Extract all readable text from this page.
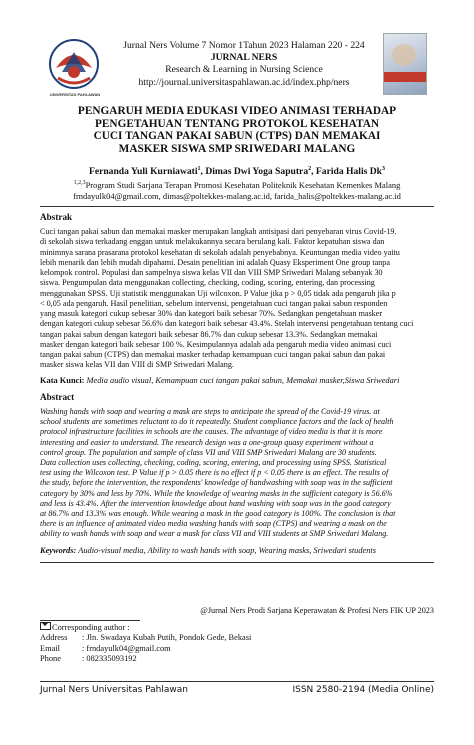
UNIVERSITAS PAHLAWAN
Jurnal Ners Volume 7 Nomor 1Tahun 2023 Halaman 220 - 224
JURNAL NERS
Research & Learning in Nursing Science
http://journal.universitaspahlawan.ac.id/index.php/ners
PENGARUH MEDIA EDUKASI VIDEO ANIMASI TERHADAP
PENGETAHUAN TENTANG PROTOKOL KESEHATAN
CUCI TANGAN PAKAI SABUN (CTPS) DAN MEMAKAI
MASKER SISWA SMP SRIWEDARI MALANG
Fernanda Yuli Kurniawati$^1$, Dimas Dwi Yoga Saputra$^2$, Farida Halis Dk$^3$
$^{1,2,3}$Program Studi Sarjana Terapan Promosi Kesehatan Politeknik Kesehatan Kemenkes Malang
frndayulk04@gmail.com, dimas@poltekkes-malang.ac.id, farida_halis@poltekkes-malang.ac.id
Abstrak
Cuci tangan pakai sabun dan memakai masker merupakan langkah antisipasi dari penyebaran virus Covid-19.
di sekolah siswa terkadang enggan untuk melakukannya secara berulang kali. Faktor kepatuhan siswa dan
minimnya sarana prasarana protokol kesehatan di sekolah adalah penyebabnya. Keuntungan media video yaitu
lebih menarik dan lebih mudah dipahami. Desain penelitian ini adalah Quasy Eksperiment One group tanpa
kelompok control. Populasi dan sampelnya siswa kelas VII dan VIII SMP Sriwedari Malang sebanyak 30
siswa. Pengumpulan data menggunakan collecting, checking, coding, scoring, entering, dan processing
menggunakan SPSS. Uji statistik menggunakan Uji wilcoxon. P Value jika p > 0,05 tidak ada pengaruh jika p
< 0,05 ada pengaruh. Hasil penelitian, sebelum intervensi, pengetahuan cuci tangan pakai sabun responden
yang masuk kategori cukup sebesar 30% dan kategori baik sebesar 70%. Sedangkan pengetahuan masker
dengan kategori cukup sebesar 56.6% dan kategori baik sebesar 43.4%. Stelah intervensi pengetahuan tentang cuci
tangan pakai sabun dengan kategori baik sebesar 86.7% dan cukup sebesar 13.3%. Sedangkan memakai
masker dengan kategori baik sebesar 100 %. Kesimpulannya adalah ada pengaruh media video animasi cuci
tangan pakai sabun (CTPS) dan memakai masker terhadap kemampuan cuci tangan pakai sabun dan pakai
masker siswa kelas VII dan VIII di SMP Sriwedari Malang.
Kata Kunci: Media audio visual, Kemampuan cuci tangan pakai sabun, Memakai masker,Siswa Sriwedari
Abstract
Washing hands with soap and wearing a mask are steps to anticipate the spread of the Covid-19 virus. at
school students are sometimes reluctant to do it repeatedly. Student compliance factors and the lack of health
protocol infrastructure facilities in schools are the causes. The advantage of video media is that it is more
interesting and easier to understand. The research design was a one-group quasy experiment without a
control group. The population and sample of class VII and VIII SMP Sriwedari Malang are 30 students.
Data collection uses collecting, checking, coding, scoring, entering, and processing using SPSS. Statistical
test using the Wilcoxon test. P Value if p > 0.05 there is no effect if p < 0.05 there is an effect. The results of
the study, before the intervention, the respondents' knowledge of handwashing with soap was in the sufficient
category by 30% and less by 70%. While the knowledge of wearing masks in the sufficient category is 56.6%
and less is 43.4%. After the intervention knowledge about hand washing with soap was in the good category
at 86.7% and 13.3% was enough. While wearing a mask in the good category is 100%. The conclusion is that
there is an influence of animated video media washing hands with soap (CTPS) and wearing a mask on the
ability to wash hands with soap and wear a mask for class VII and VIII students at SMP Sriwedari Malang.
Keywords: Audio-visual media, Ability to wash hands with soap, Wearing masks, Sriwedari students
@Jurnal Ners Prodi Sarjana Keperawatan & Profesi Ners FIK UP 2023
Corresponding author :
Address : Jln. Swadaya Kubah Putih, Pondok Gede, Bekasi
Email	: frndayulk04@gmail.com
Phone	: 082335093192
Jurnal Ners Universitas Pahlawan	ISSN 2580-2194 (Media Online)
